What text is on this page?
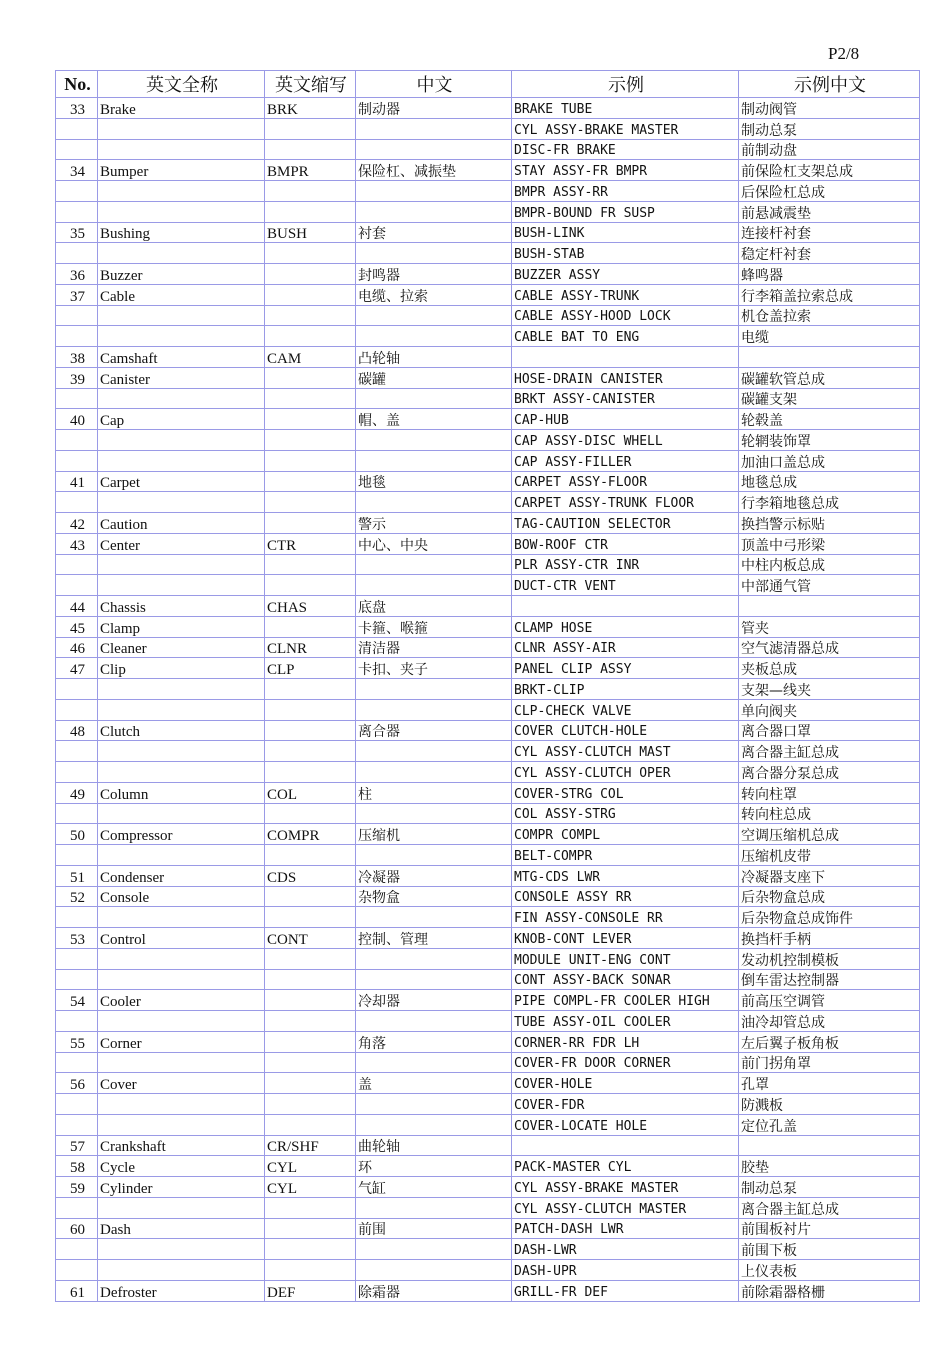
P2/8
No.	英文全称	英文缩写	中文	示例	示例中文
33	Brake	BRK	制动器	BRAKE TUBE	制动阀管
				CYL ASSY-BRAKE MASTER	制动总泵
				DISC-FR BRAKE	前制动盘
34	Bumper	BMPR	保险杠、减振垫	STAY ASSY-FR BMPR	前保险杠支架总成
				BMPR ASSY-RR	后保险杠总成
				BMPR-BOUND FR SUSP	前悬减震垫
35	Bushing	BUSH	衬套	BUSH-LINK	连接杆衬套
				BUSH-STAB	稳定杆衬套
36	Buzzer		封鸣器	BUZZER ASSY	蜂鸣器
37	Cable		电缆、拉索	CABLE ASSY-TRUNK	行李箱盖拉索总成
				CABLE ASSY-HOOD LOCK	机仓盖拉索
				CABLE BAT TO ENG	电缆
38	Camshaft	CAM	凸轮轴		
39	Canister		碳罐	HOSE-DRAIN CANISTER	碳罐软管总成
				BRKT ASSY-CANISTER	碳罐支架
40	Cap		帽、盖	CAP-HUB	轮毂盖
				CAP ASSY-DISC WHELL	轮辋装饰罩
				CAP ASSY-FILLER	加油口盖总成
41	Carpet		地毯	CARPET ASSY-FLOOR	地毯总成
				CARPET ASSY-TRUNK FLOOR	行李箱地毯总成
42	Caution		警示	TAG-CAUTION SELECTOR	换挡警示标贴
43	Center	CTR	中心、中央	BOW-ROOF CTR	顶盖中弓形梁
				PLR ASSY-CTR INR	中柱内板总成
				DUCT-CTR VENT	中部通气管
44	Chassis	CHAS	底盘		
45	Clamp		卡箍、喉箍	CLAMP HOSE	管夹
46	Cleaner	CLNR	清洁器	CLNR ASSY-AIR	空气滤清器总成
47	Clip	CLP	卡扣、夹子	PANEL CLIP ASSY	夹板总成
				BRKT-CLIP	支架—线夹
				CLP-CHECK VALVE	单向阀夹
48	Clutch		离合器	COVER CLUTCH-HOLE	离合器口罩
				CYL ASSY-CLUTCH MAST	离合器主缸总成
				CYL ASSY-CLUTCH OPER	离合器分泵总成
49	Column	COL	柱	COVER-STRG COL	转向柱罩
				COL ASSY-STRG	转向柱总成
50	Compressor	COMPR	压缩机	COMPR COMPL	空调压缩机总成
				BELT-COMPR	压缩机皮带
51	Condenser	CDS	冷凝器	MTG-CDS LWR	冷凝器支座下
52	Console		杂物盒	CONSOLE ASSY RR	后杂物盒总成
				FIN ASSY-CONSOLE RR	后杂物盒总成饰件
53	Control	CONT	控制、管理	KNOB-CONT LEVER	换挡杆手柄
				MODULE UNIT-ENG CONT	发动机控制模板
				CONT ASSY-BACK SONAR	倒车雷达控制器
54	Cooler		冷却器	PIPE COMPL-FR COOLER HIGH	前高压空调管
				TUBE ASSY-OIL COOLER	油冷却管总成
55	Corner		角落	CORNER-RR FDR LH	左后翼子板角板
				COVER-FR DOOR CORNER	前门拐角罩
56	Cover		盖	COVER-HOLE	孔罩
				COVER-FDR	防溅板
				COVER-LOCATE HOLE	定位孔盖
57	Crankshaft	CR/SHF	曲轮轴		
58	Cycle	CYL	环	PACK-MASTER CYL	胶垫
59	Cylinder	CYL	气缸	CYL ASSY-BRAKE MASTER	制动总泵
				CYL ASSY-CLUTCH MASTER	离合器主缸总成
60	Dash		前围	PATCH-DASH LWR	前围板衬片
				DASH-LWR	前围下板
				DASH-UPR	上仪表板
61	Defroster	DEF	除霜器	GRILL-FR DEF	前除霜器格栅
